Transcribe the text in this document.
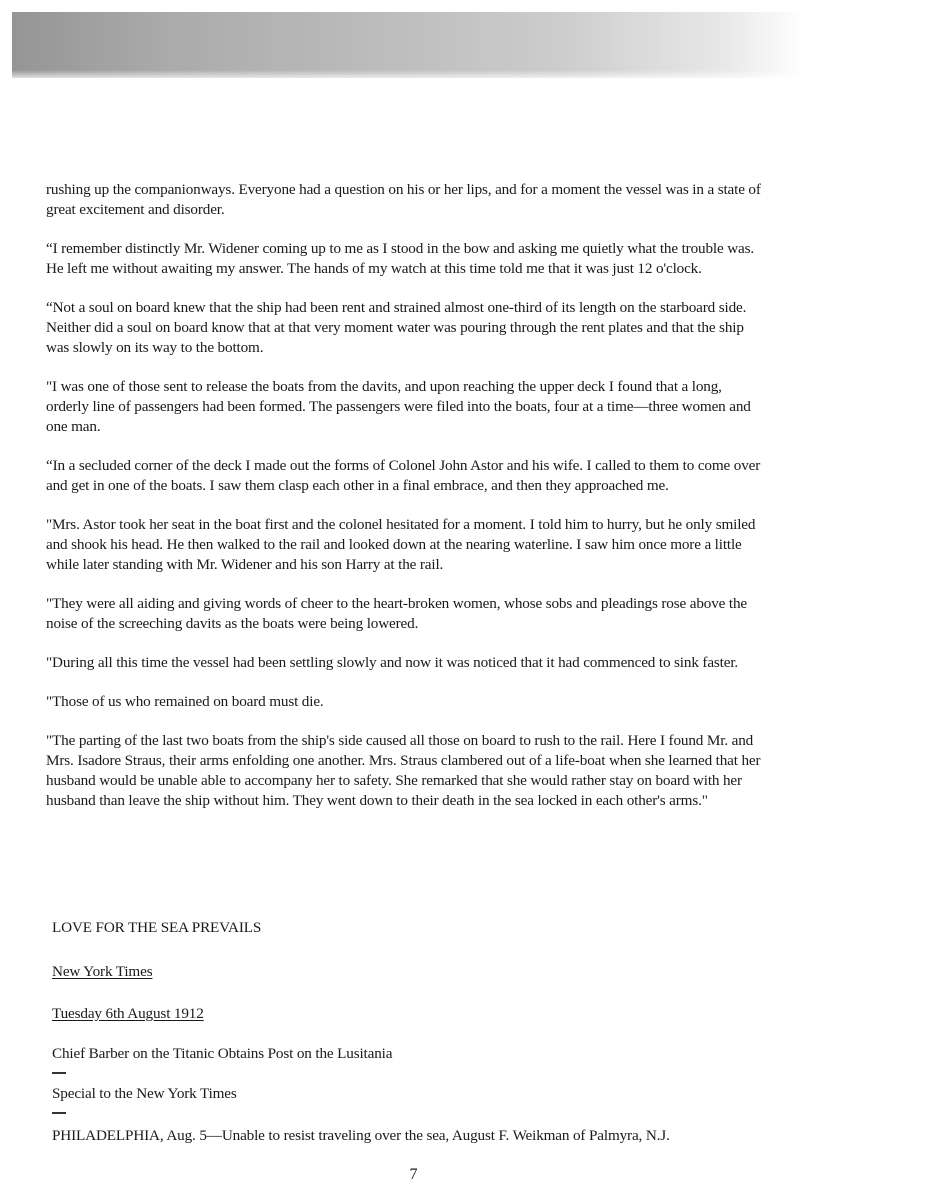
rushing up the companionways. Everyone had a question on his or her lips, and for a moment the vessel was in a state of great excitement and disorder.

“I remember distinctly Mr. Widener coming up to me as I stood in the bow and asking me quietly what the trouble was. He left me without awaiting my answer. The hands of my watch at this time told me that it was just 12 o'clock.

“Not a soul on board knew that the ship had been rent and strained almost one-third of its length on the starboard side. Neither did a soul on board know that at that very moment water was pouring through the rent plates and that the ship was slowly on its way to the bottom.

"I was one of those sent to release the boats from the davits, and upon reaching the upper deck I found that a long, orderly line of passengers had been formed. The passengers were filed into the boats, four at a time—three women and one man.

“In a secluded corner of the deck I made out the forms of Colonel John Astor and his wife. I called to them to come over and get in one of the boats. I saw them clasp each other in a final embrace, and then they approached me.

"Mrs. Astor took her seat in the boat first and the colonel hesitated for a moment. I told him to hurry, but he only smiled and shook his head. He then walked to the rail and looked down at the nearing waterline. I saw him once more a little while later standing with Mr. Widener and his son Harry at the rail.

"They were all aiding and giving words of cheer to the heart-broken women, whose sobs and pleadings rose above the noise of the screeching davits as the boats were being lowered.

"During all this time the vessel had been settling slowly and now it was noticed that it had commenced to sink faster.

"Those of us who remained on board must die.

"The parting of the last two boats from the ship's side caused all those on board to rush to the rail. Here I found Mr. and Mrs. Isadore Straus, their arms enfolding one another. Mrs. Straus clambered out of a life-boat when she learned that her husband would be unable able to accompany her to safety. She remarked that she would rather stay on board with her husband than leave the ship without him. They went down to their death in the sea locked in each other's arms."

LOVE FOR THE SEA PREVAILS

New York Times

Tuesday 6th August 1912

Chief Barber on the Titanic Obtains Post on the Lusitania

Special to the New York Times

PHILADELPHIA, Aug. 5—Unable to resist traveling over the sea, August F. Weikman of Palmyra, N.J.

7
